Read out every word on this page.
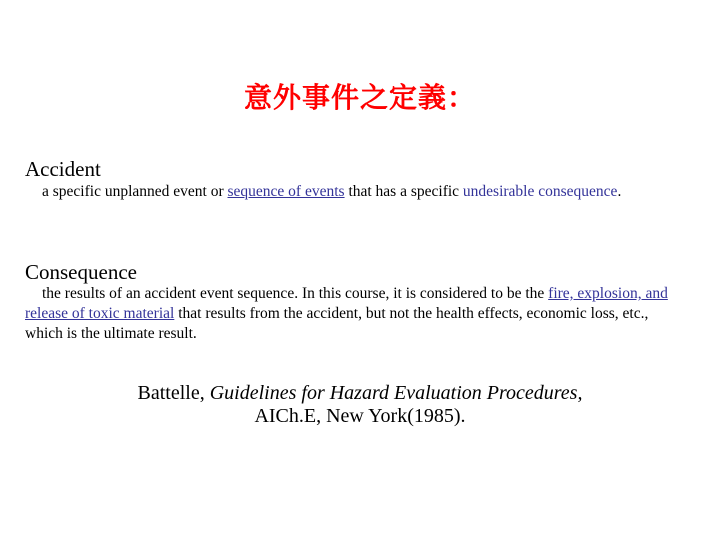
意外事件之定義：
Accident
a specific unplanned event or sequence of events that has a specific undesirable consequence.
Consequence
the results of an accident event sequence. In this course, it is considered to be the fire, explosion, and release of toxic material that results from the accident, but not the health effects, economic loss, etc., which is the ultimate result.
Battelle, Guidelines for Hazard Evaluation Procedures,
AICh.E, New York(1985).
